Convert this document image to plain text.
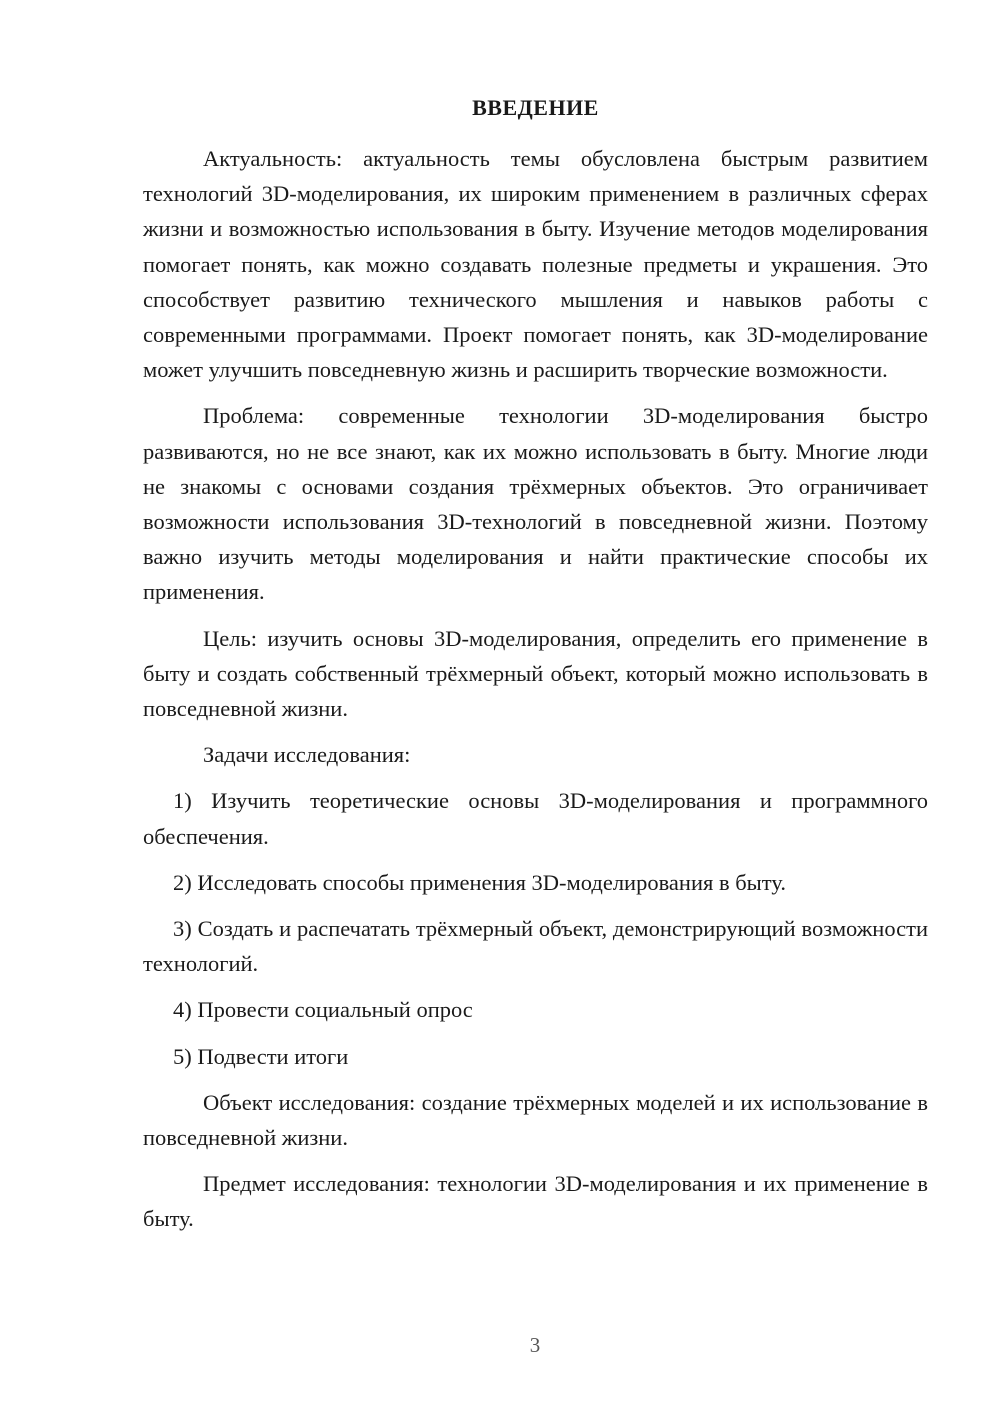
ВВЕДЕНИЕ

Актуальность: актуальность темы обусловлена быстрым развитием технологий 3D-моделирования, их широким применением в различных сферах жизни и возможностью использования в быту. Изучение методов моделирования помогает понять, как можно создавать полезные предметы и украшения. Это способствует развитию технического мышления и навыков работы с современными программами. Проект помогает понять, как 3D-моделирование может улучшить повседневную жизнь и расширить творческие возможности.

Проблема: современные технологии 3D-моделирования быстро развиваются, но не все знают, как их можно использовать в быту. Многие люди не знакомы с основами создания трёхмерных объектов. Это ограничивает возможности использования 3D-технологий в повседневной жизни. Поэтому важно изучить методы моделирования и найти практические способы их применения.

Цель: изучить основы 3D-моделирования, определить его применение в быту и создать собственный трёхмерный объект, который можно использовать в повседневной жизни.

Задачи исследования:

1) Изучить теоретические основы 3D-моделирования и программного обеспечения.

2) Исследовать способы применения 3D-моделирования в быту.

3) Создать и распечатать трёхмерный объект, демонстрирующий возможности технологий.

4) Провести социальный опрос

5) Подвести итоги

Объект исследования: создание трёхмерных моделей и их использование в повседневной жизни.

Предмет исследования: технологии 3D-моделирования и их применение в быту.

3
